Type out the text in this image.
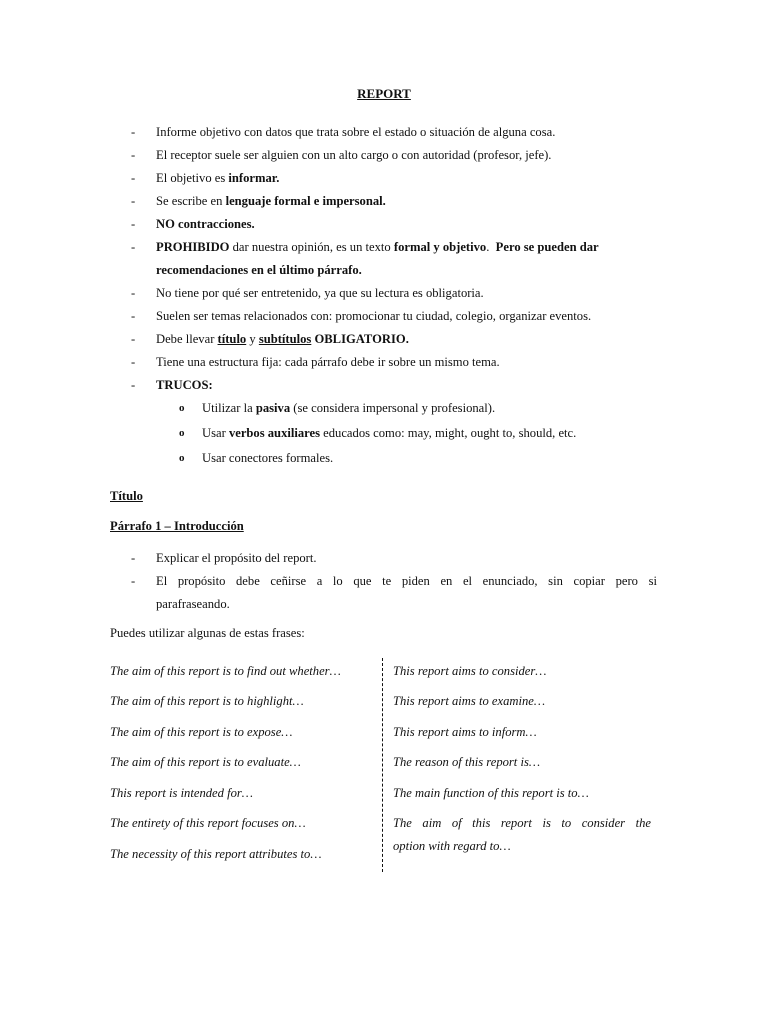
REPORT
- Informe objetivo con datos que trata sobre el estado o situación de alguna cosa.
- El receptor suele ser alguien con un alto cargo o con autoridad (profesor, jefe).
- El objetivo es informar.
- Se escribe en lenguaje formal e impersonal.
- NO contracciones.
- PROHIBIDO dar nuestra opinión, es un texto formal y objetivo.  Pero se pueden dar
recomendaciones en el último párrafo.
- No tiene por qué ser entretenido, ya que su lectura es obligatoria.
- Suelen ser temas relacionados con: promocionar tu ciudad, colegio, organizar eventos.
- Debe llevar título y subtítulos OBLIGATORIO.
- Tiene una estructura fija: cada párrafo debe ir sobre un mismo tema.
- TRUCOS:
o Utilizar la pasiva (se considera impersonal y profesional).
o Usar verbos auxiliares educados como: may, might, ought to, should, etc.
o Usar conectores formales.
Título
Párrafo 1 – Introducción
- Explicar el propósito del report.
- El propósito debe ceñirse a lo que te piden en el enunciado, sin copiar pero si
parafraseando.
Puedes utilizar algunas de estas frases:
The aim of this report is to find out whether…
The aim of this report is to highlight…
The aim of this report is to expose…
The aim of this report is to evaluate…
This report is intended for…
The entirety of this report focuses on…
The necessity of this report attributes to…
This report aims to consider…
This report aims to examine…
This report aims to inform…
The reason of this report is…
The main function of this report is to…
The aim of this report is to consider the
option with regard to…
